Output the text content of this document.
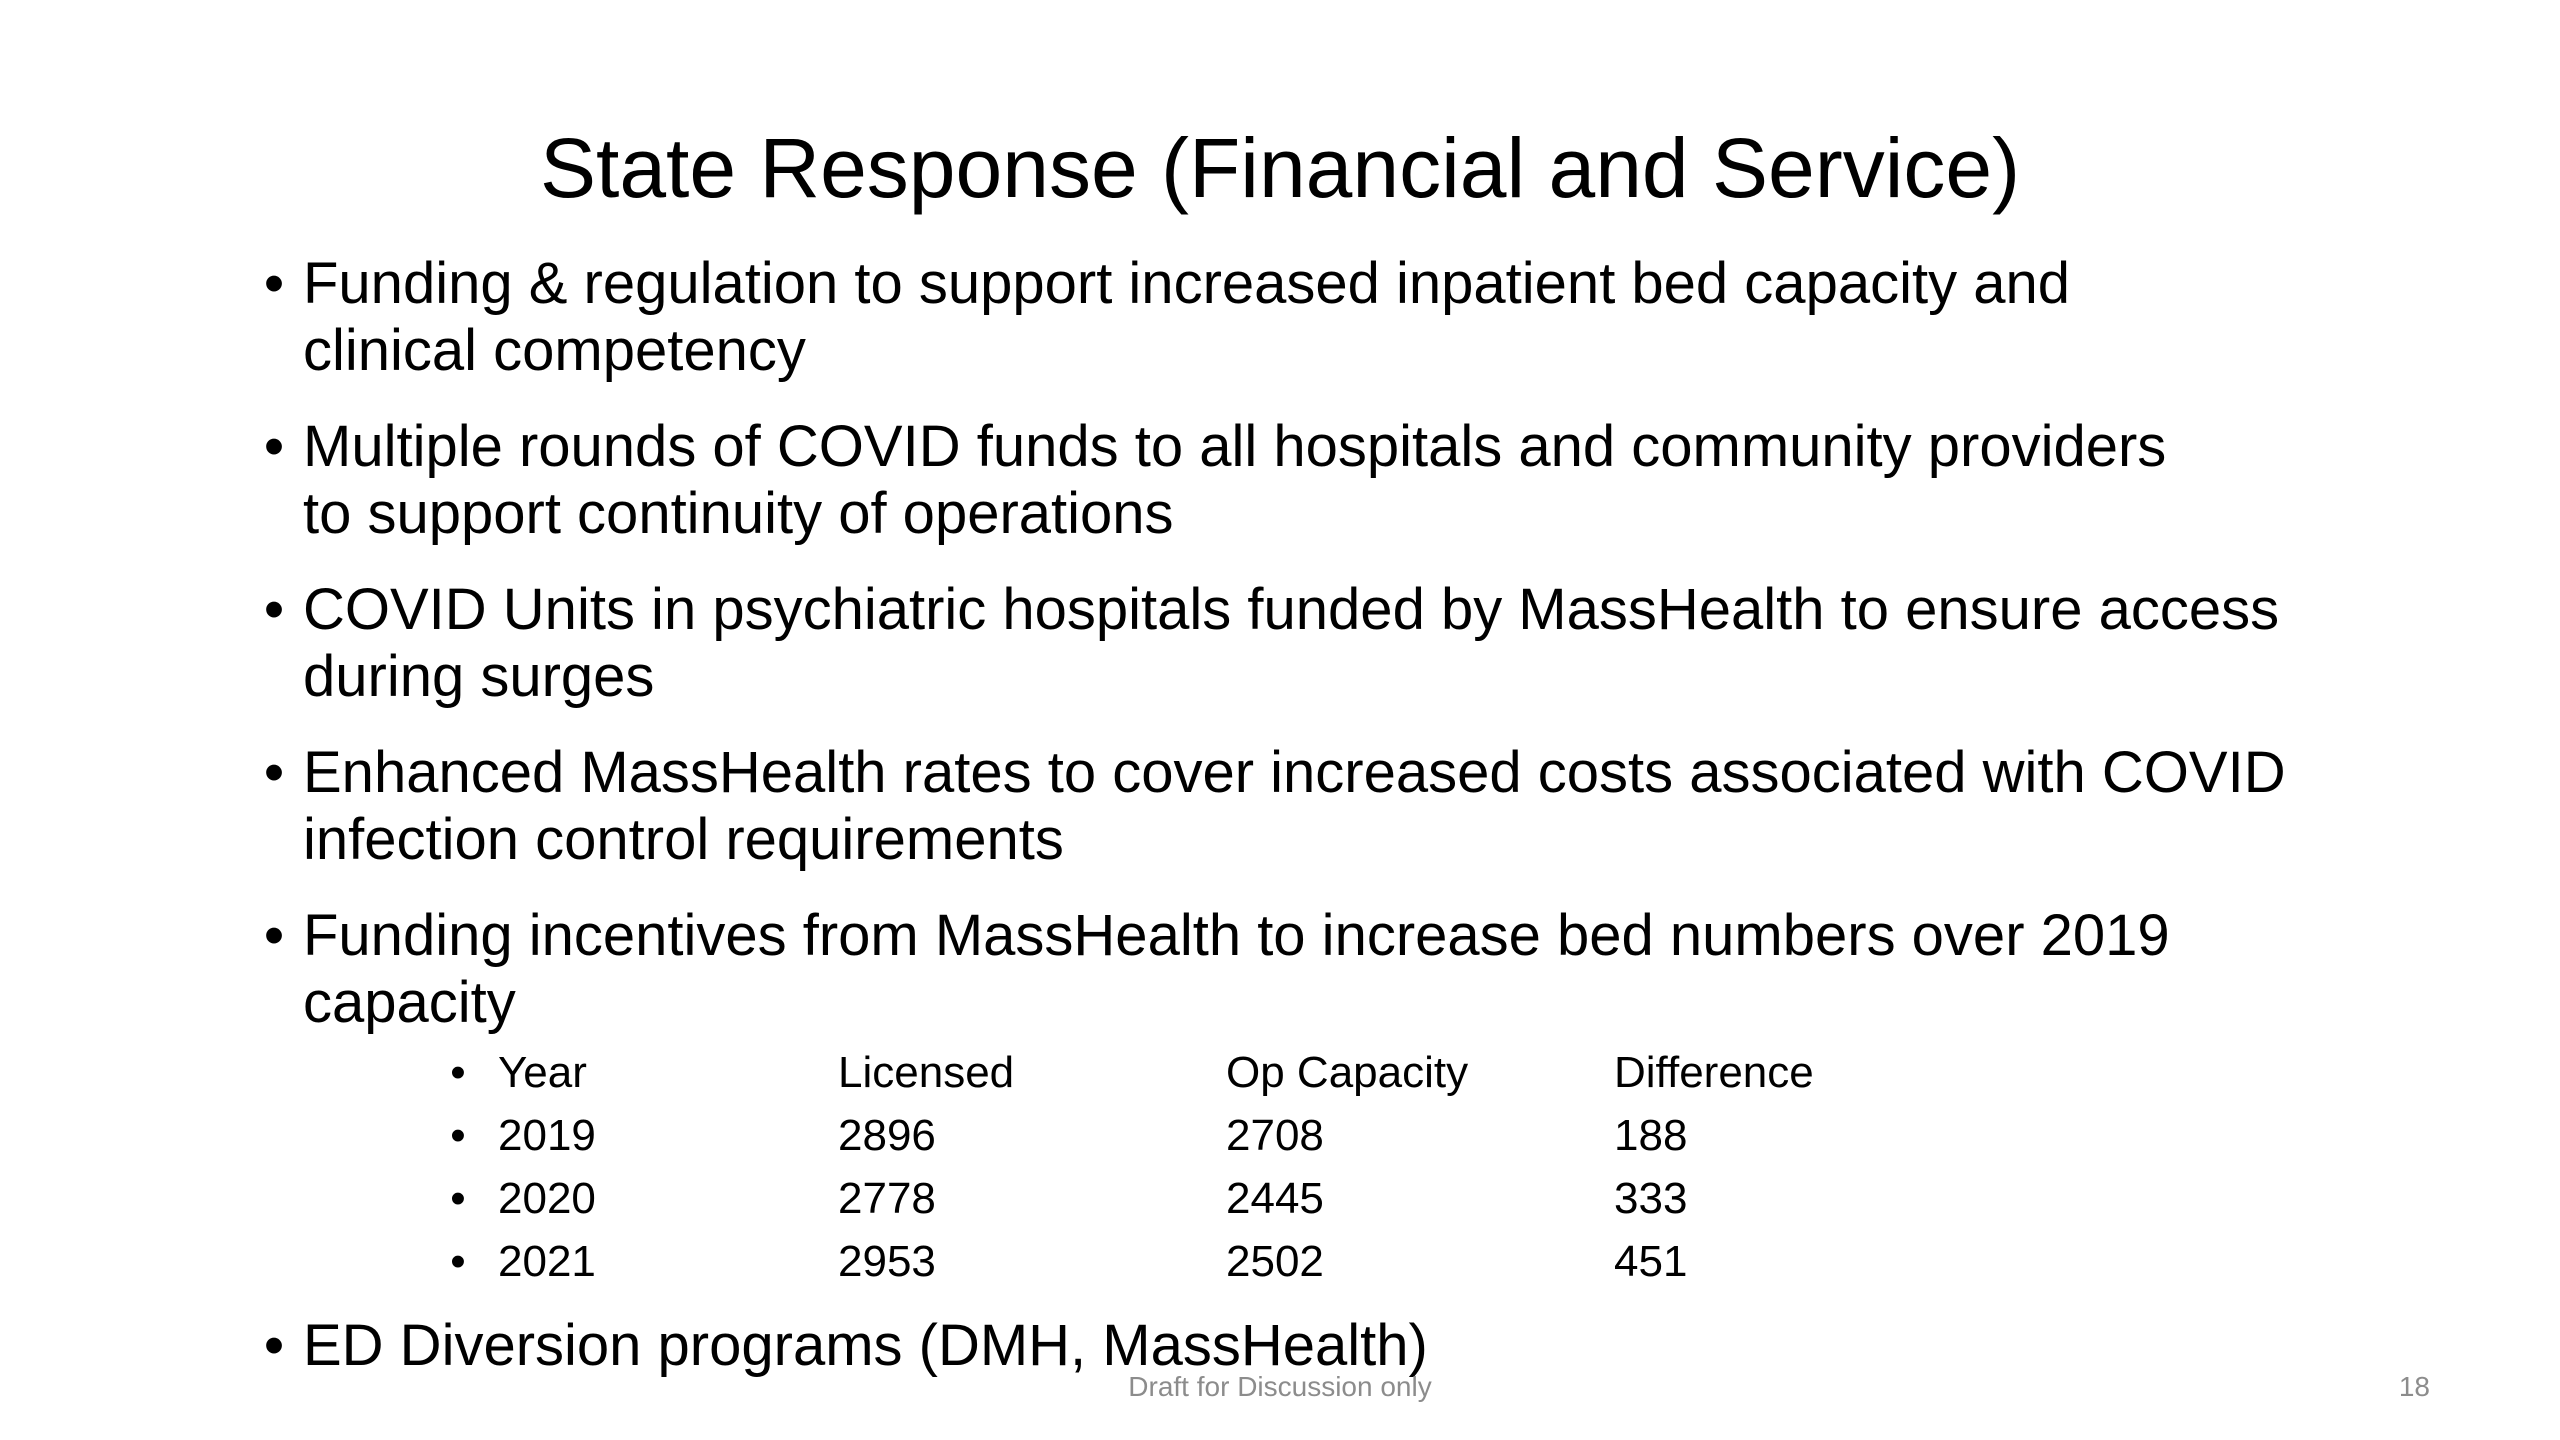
State Response (Financial and Service)
• Funding & regulation to support increased inpatient bed capacity and
clinical competency
• Multiple rounds of COVID funds to all hospitals and community providers
to support continuity of operations
• COVID Units in psychiatric hospitals funded by MassHealth to ensure access
during surges
• Enhanced MassHealth rates to cover increased costs associated with COVID
infection control requirements
• Funding incentives from MassHealth to increase bed numbers over 2019
capacity
• ED Diversion programs (DMH, MassHealth)
• Year	Licensed	Op Capacity	Difference
• 2019	2896	2708	188
• 2020	2778	2445	333
• 2021	2953	2502	451
Draft for Discussion only	18
